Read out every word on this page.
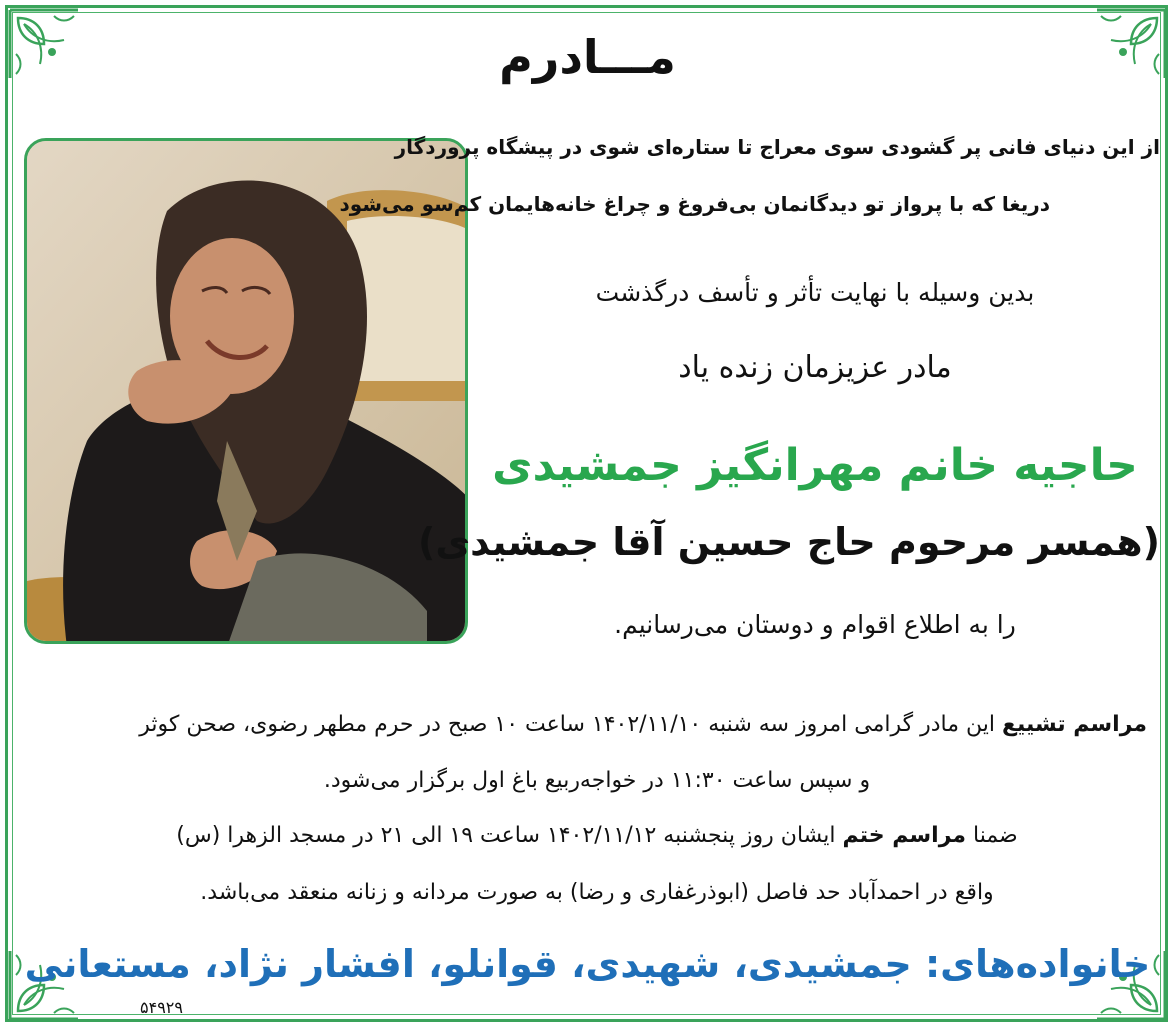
مـــادرم
از این دنیای فانی پر گشودی سوی معراج تا ستاره‌ای شوی در پیشگاه پروردگار
دریغا که با پرواز تو دیدگانمان بی‌فروغ و چراغ خانه‌هایمان کم‌سو می‌شود
بدین وسیله با نهایت تأثر و تأسف درگذشت
مادر عزیزمان زنده یاد
حاجیه خانم مهرانگیز جمشیدی
(همسر مرحوم حاج حسین آقا جمشیدی)
را به اطلاع اقوام و دوستان می‌رسانیم.
مراسم تشییع این مادر گرامی امروز سه شنبه ۱۴۰۲/۱۱/۱۰ ساعت ۱۰ صبح در حرم مطهر رضوی، صحن کوثر
و سپس ساعت ۱۱:۳۰ در خواجه‌ربیع باغ اول برگزار می‌شود.
ضمنا مراسم ختم ایشان روز پنجشنبه ۱۴۰۲/۱۱/۱۲ ساعت ۱۹ الی ۲۱ در مسجد الزهرا (س)
واقع در احمدآباد حد فاصل (ابوذرغفاری و رضا) به صورت مردانه و زنانه منعقد می‌باشد.
خانواده‌های: جمشیدی، شهیدی، قوانلو، افشار نژاد، مستعانی
۵۴۹۲۹
